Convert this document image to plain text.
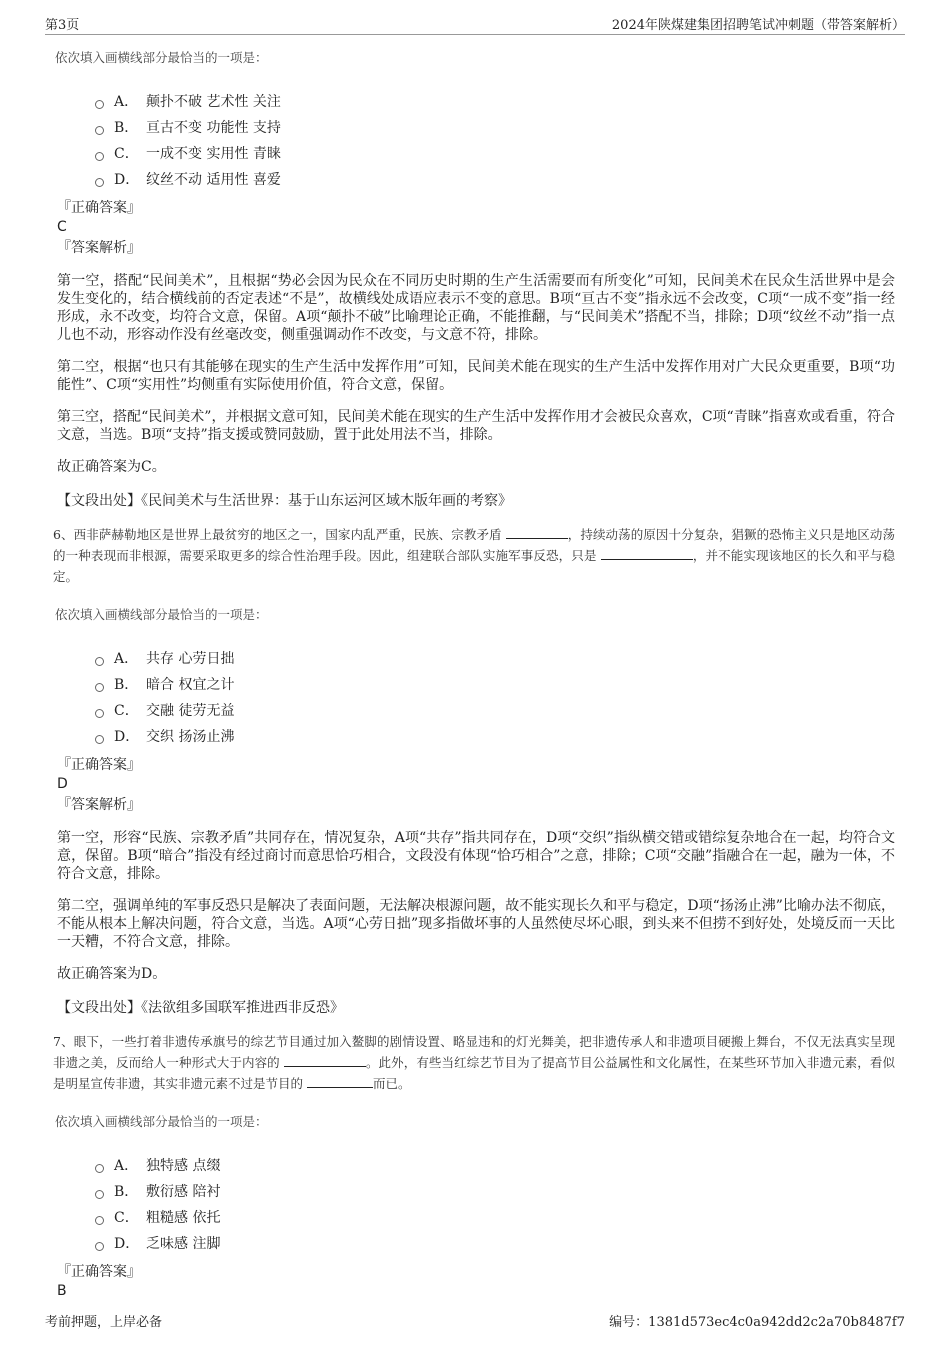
第3页	2024年陕煤建集团招聘笔试冲刺题（带答案解析）
依次填入画横线部分最恰当的一项是：
A． 颠扑不破 艺术性 关注
B． 亘古不变 功能性 支持
C． 一成不变 实用性 青睐
D． 纹丝不动 适用性 喜爱
『正确答案』
C
『答案解析』
第一空，搭配“民间美术”，且根据“势必会因为民众在不同历史时期的生产生活需要而有所变化”可知，民间美术在民众生活世界中是会发生变化的，结合横线前的否定表述“不是”，故横线处成语应表示不变的意思。B项“亘古不变”指永远不会改变，C项“一成不变”指一经形成，永不改变，均符合文意，保留。A项“颠扑不破”比喻理论正确，不能推翻，与“民间美术”搭配不当，排除；D项“纹丝不动”指一点儿也不动，形容动作没有丝毫改变，侧重强调动作不改变，与文意不符，排除。
第二空，根据“也只有其能够在现实的生产生活中发挥作用”可知，民间美术能在现实的生产生活中发挥作用对广大民众更重要，B项“功能性”、C项“实用性”均侧重有实际使用价值，符合文意，保留。
第三空，搭配“民间美术”，并根据文意可知，民间美术能在现实的生产生活中发挥作用才会被民众喜欢，C项“青睐”指喜欢或看重，符合文意，当选。B项“支持”指支援或赞同鼓励，置于此处用法不当，排除。
故正确答案为C。
【文段出处】《民间美术与生活世界：基于山东运河区域木版年画的考察》
6、西非萨赫勒地区是世界上最贫穷的地区之一，国家内乱严重，民族、宗教矛盾	，持续动荡的原因十分复杂，猖獗的恐怖主义只是地区动荡的一种表现而非根源，需要采取更多的综合性治理手段。因此，组建联合部队实施军事反恐，只是	，并不能实现该地区的长久和平与稳定。
依次填入画横线部分最恰当的一项是：
A． 共存 心劳日拙
B． 暗合 权宜之计
C． 交融 徒劳无益
D． 交织 扬汤止沸
『正确答案』
D
『答案解析』
第一空，形容“民族、宗教矛盾”共同存在，情况复杂，A项“共存”指共同存在，D项“交织”指纵横交错或错综复杂地合在一起，均符合文意，保留。B项“暗合”指没有经过商讨而意思恰巧相合，文段没有体现“恰巧相合”之意，排除；C项“交融”指融合在一起，融为一体，不符合文意，排除。
第二空，强调单纯的军事反恐只是解决了表面问题，无法解决根源问题，故不能实现长久和平与稳定，D项“扬汤止沸”比喻办法不彻底，不能从根本上解决问题，符合文意，当选。A项“心劳日拙”现多指做坏事的人虽然使尽坏心眼，到头来不但捞不到好处，处境反而一天比一天糟，不符合文意，排除。
故正确答案为D。
【文段出处】《法欲组多国联军推进西非反恐》
7、眼下，一些打着非遗传承旗号的综艺节目通过加入鳌脚的剧情设置、略显违和的灯光舞美，把非遗传承人和非遗项目硬搬上舞台，不仅无法真实呈现非遗之美，反而给人一种形式大于内容的	。此外，有些当红综艺节目为了提高节目公益属性和文化属性，在某些环节加入非遗元素，看似是明星宣传非遗，其实非遗元素不过是节目的	而已。
依次填入画横线部分最恰当的一项是：
A． 独特感 点缀
B． 敷衍感 陪衬
C． 粗糙感 依托
D． 乏味感 注脚
『正确答案』
B
考前押题，上岸必备	编号：1381d573ec4c0a942dd2c2a70b8487f7
